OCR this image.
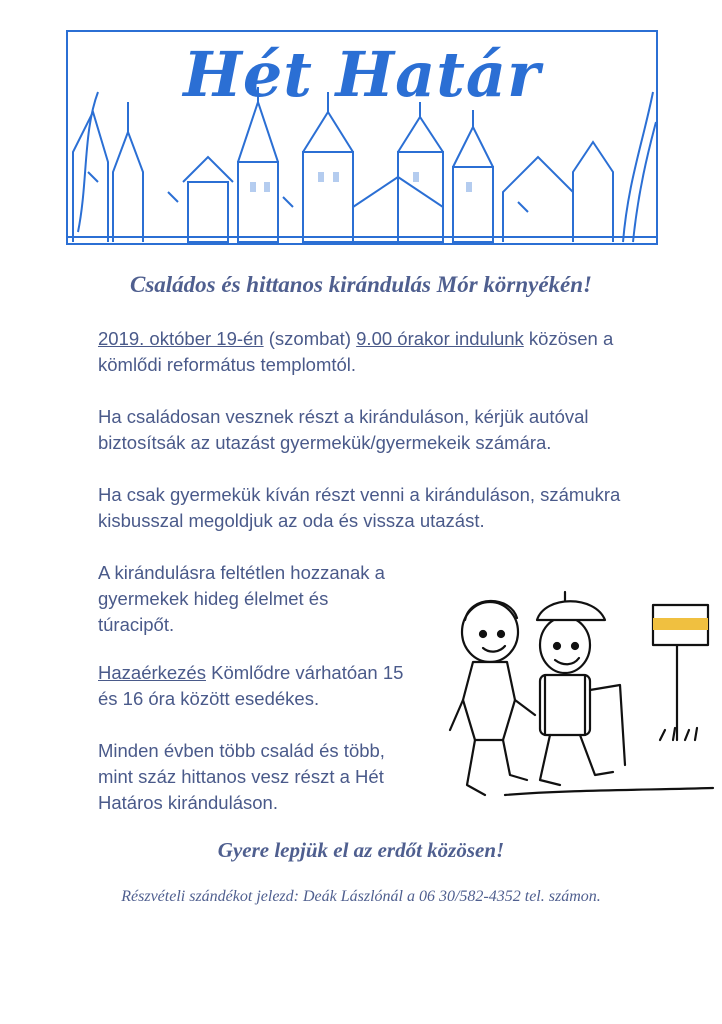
Hét Határ
Családos és hittanos kirándulás Mór környékén!
2019. október 19-én (szombat) 9.00 órakor indulunk közösen a
kömlődi református templomtól.
Ha családosan vesznek részt a kiránduláson, kérjük autóval
biztosítsák az utazást gyermekük/gyermekeik számára.
Ha csak gyermekük kíván részt venni a kiránduláson, számukra
kisbusszal megoldjuk az oda és vissza utazást.
A kirándulásra feltétlen hozzanak a
gyermekek hideg élelmet és
túracipőt.
Hazaérkezés Kömlődre várhatóan 15
és 16 óra között esedékes.
Minden évben több család és több,
mint száz hittanos vesz részt a Hét
Határos kiránduláson.
Gyere lepjük el az erdőt közösen!
Részvételi szándékot jelezd: Deák Lászlónál a 06 30/582-4352 tel. számon.
